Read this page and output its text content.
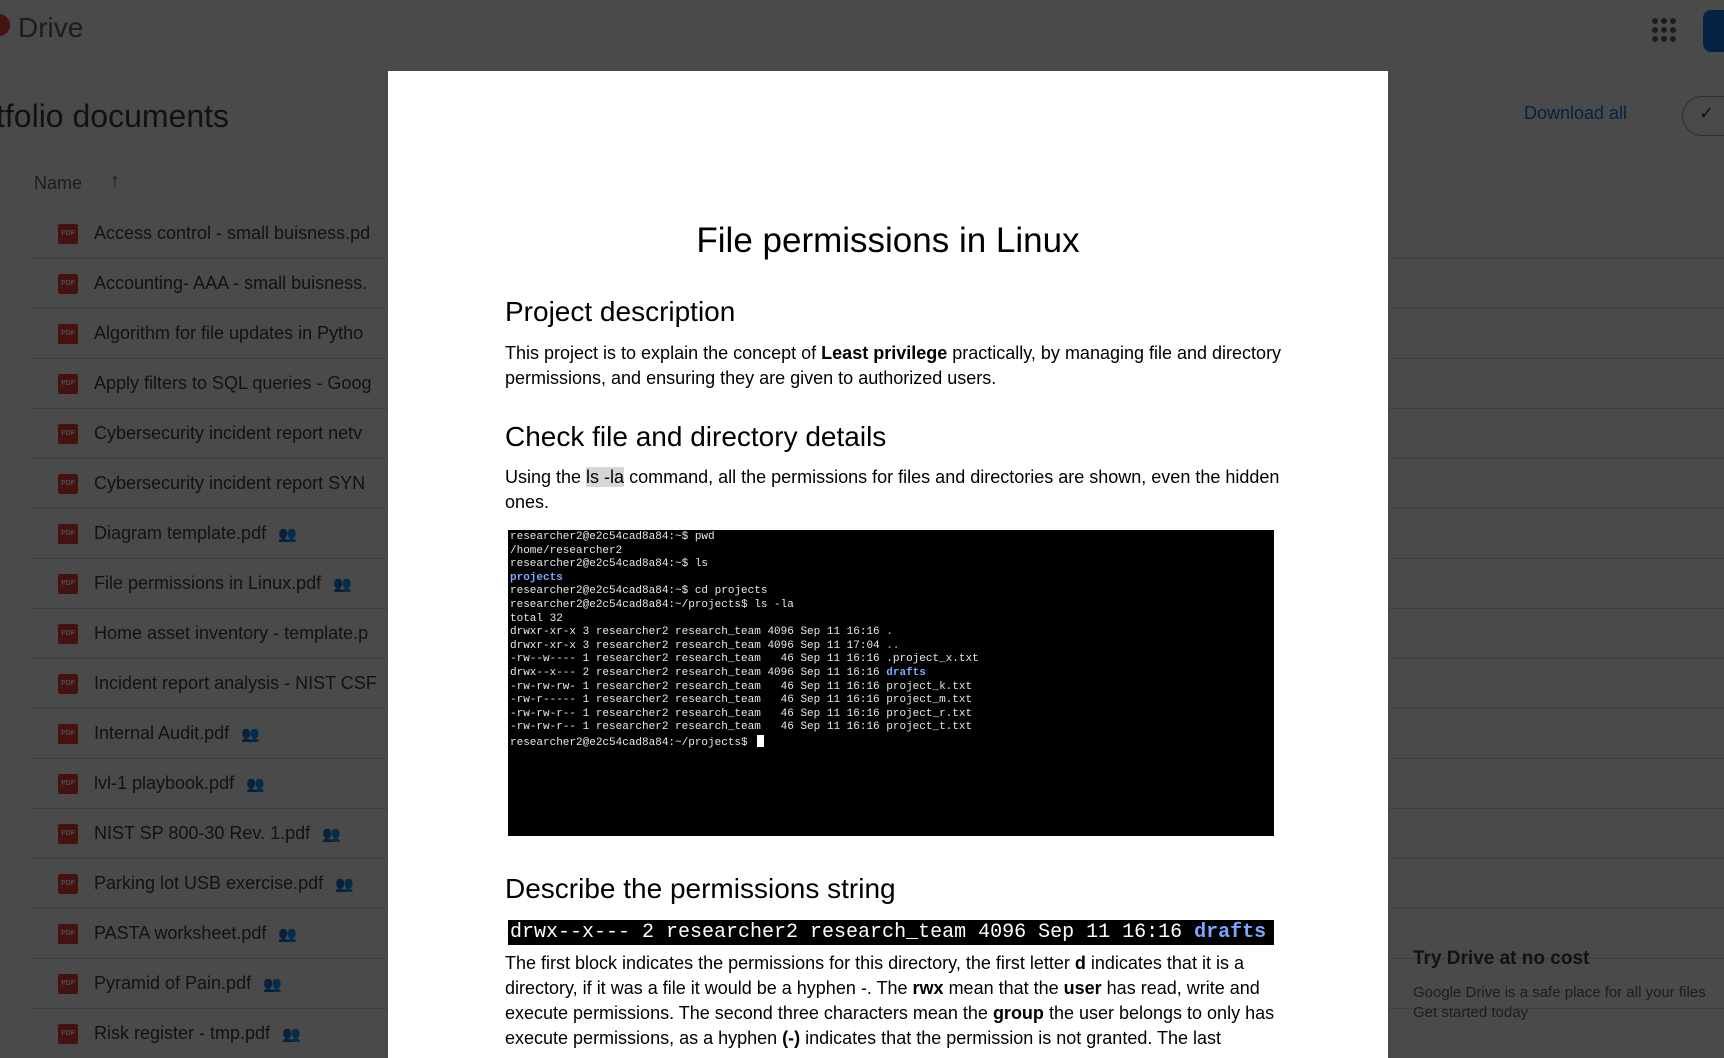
File permissions in Linux
Project description
This project is to explain the concept of Least privilege practically, by managing file and directory permissions, and ensuring they are given to authorized users.
Check file and directory details
Using the ls -la command, all the permissions for files and directories are shown, even the hidden ones.
researcher2@e2c54cad8a84:~$ pwd
/home/researcher2
researcher2@e2c54cad8a84:~$ ls
projects
researcher2@e2c54cad8a84:~$ cd projects
researcher2@e2c54cad8a84:~/projects$ ls -la
total 32
drwxr-xr-x 3 researcher2 research_team 4096 Sep 11 16:16 .
drwxr-xr-x 3 researcher2 research_team 4096 Sep 11 17:04 ..
-rw--w---- 1 researcher2 research_team   46 Sep 11 16:16 .project_x.txt
drwx--x--- 2 researcher2 research_team 4096 Sep 11 16:16 drafts
-rw-rw-rw- 1 researcher2 research_team   46 Sep 11 16:16 project_k.txt
-rw-r----- 1 researcher2 research_team   46 Sep 11 16:16 project_m.txt
-rw-rw-r-- 1 researcher2 research_team   46 Sep 11 16:16 project_r.txt
-rw-rw-r-- 1 researcher2 research_team   46 Sep 11 16:16 project_t.txt
researcher2@e2c54cad8a84:~/projects$
Describe the permissions string
drwx--x--- 2 researcher2 research_team 4096 Sep 11 16:16 drafts
The first block indicates the permissions for this directory, the first letter d indicates that it is a directory, if it was a file it would be a hyphen -. The rwx mean that the user has read, write and execute permissions. The second three characters mean the group the user belongs to only has execute permissions, as a hyphen (-) indicates that the permission is not granted. The last
